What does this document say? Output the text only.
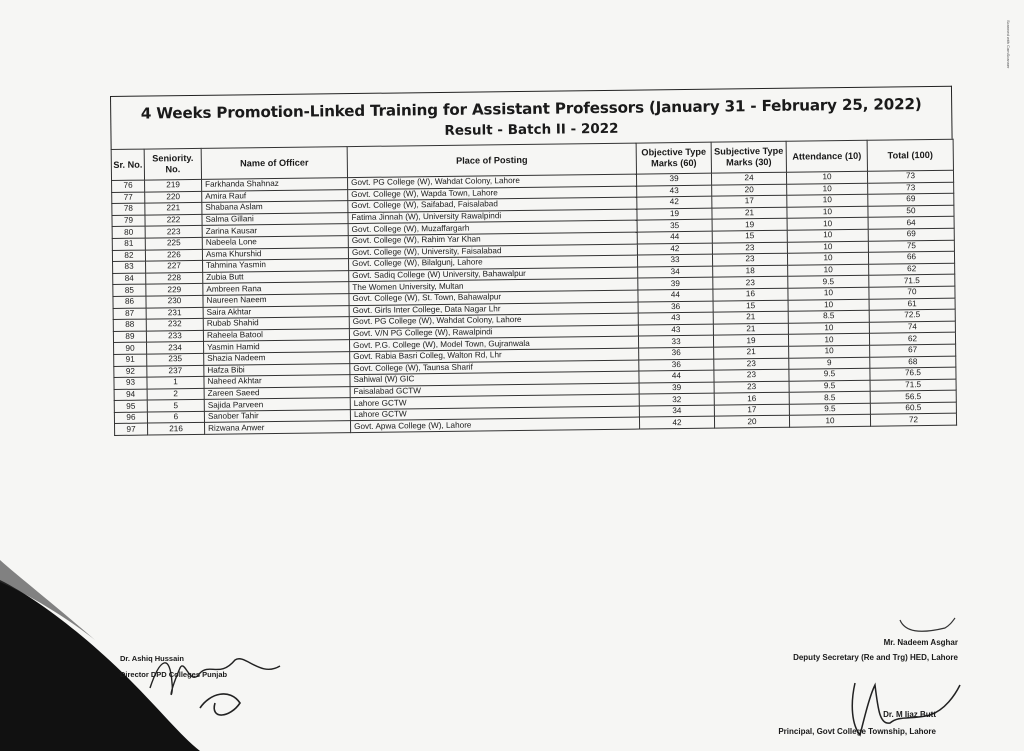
Scanned with CamScanner
4 Weeks Promotion-Linked Training for Assistant Professors (January 31 - February 25, 2022)
Result - Batch II - 2022
Sr. No.	Seniority. No.	Name of Officer	Place of Posting	Objective Type Marks (60)	Subjective Type Marks (30)	Attendance (10)	Total (100)
76	219	Farkhanda Shahnaz	Govt. PG College (W), Wahdat Colony, Lahore	39	24	10	73
77	220	Amira Rauf	Govt. College (W), Wapda Town, Lahore	43	20	10	73
78	221	Shabana Aslam	Govt. College (W), Saifabad, Faisalabad	42	17	10	69
79	222	Salma Gillani	Fatima Jinnah (W), University Rawalpindi	19	21	10	50
80	223	Zarina Kausar	Govt. College (W), Muzaffargarh	35	19	10	64
81	225	Nabeela Lone	Govt. College (W), Rahim Yar Khan	44	15	10	69
82	226	Asma Khurshid	Govt. College (W), University, Faisalabad	42	23	10	75
83	227	Tahmina Yasmin	Govt. College (W), Bilalgunj, Lahore	33	23	10	66
84	228	Zubia Butt	Govt. Sadiq College (W) University, Bahawalpur	34	18	10	62
85	229	Ambreen Rana	The Women University, Multan	39	23	9.5	71.5
86	230	Naureen Naeem	Govt. College (W), St. Town, Bahawalpur	44	16	10	70
87	231	Saira Akhtar	Govt. Girls Inter College, Data Nagar Lhr	36	15	10	61
88	232	Rubab Shahid	Govt. PG College (W), Wahdat Colony, Lahore	43	21	8.5	72.5
89	233	Raheela Batool	Govt. V/N PG College (W), Rawalpindi	43	21	10	74
90	234	Yasmin Hamid	Govt. P.G. College (W), Model Town, Gujranwala	33	19	10	62
91	235	Shazia Nadeem	Govt. Rabia Basri Colleg, Walton Rd, Lhr	36	21	10	67
92	237	Hafza Bibi	Govt. College (W), Taunsa Sharif	36	23	9	68
93	1	Naheed Akhtar	Sahiwal (W) GIC	44	23	9.5	76.5
94	2	Zareen Saeed	Faisalabad GCTW	39	23	9.5	71.5
95	5	Sajida Parveen	Lahore GCTW	32	16	8.5	56.5
96	6	Sanober Tahir	Lahore GCTW	34	17	9.5	60.5
97	216	Rizwana Anwer	Govt. Apwa College (W), Lahore	42	20	10	72
Dr. Ashiq Hussain
Director DPD Colleges Punjab
Mr. Nadeem Asghar
Deputy Secretary (Re and Trg) HED, Lahore
Dr. M Ijaz Butt
Principal, Govt College Township, Lahore
